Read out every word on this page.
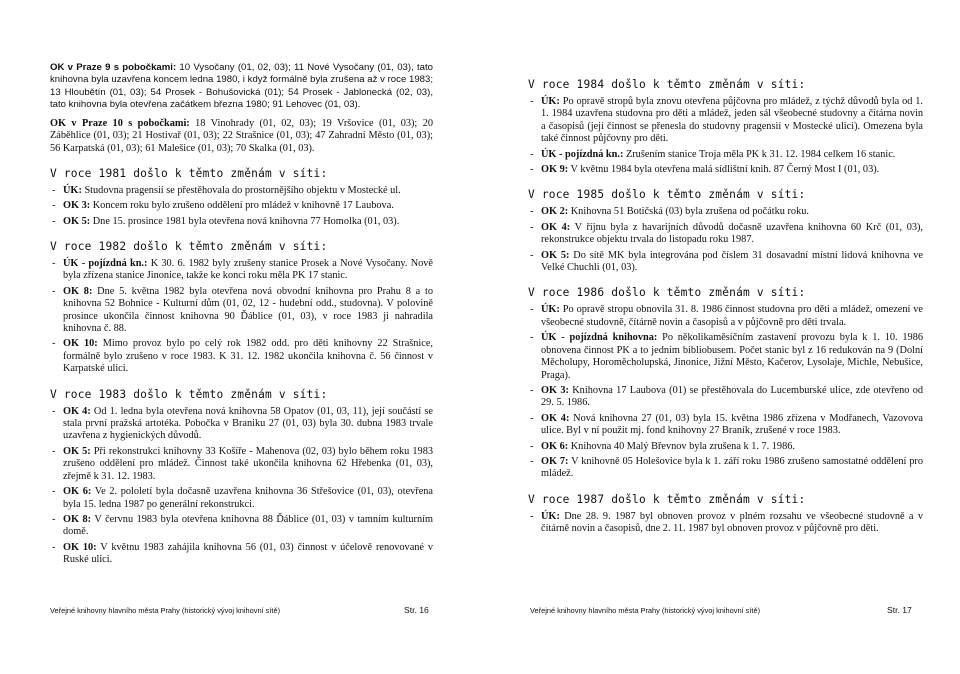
OK v Praze 9 s pobočkami: 10 Vysočany (01, 02, 03); 11 Nové Vysočany (01, 03), tato knihovna byla uzavřena koncem ledna 1980, i když formálně byla zrušena až v roce 1983; 13 Hloubětín (01, 03); 54 Prosek - Bohušovická (01); 54 Prosek - Jablonecká (02, 03), tato knihovna byla otevřena začátkem března 1980; 91 Lehovec (01, 03).

OK v Praze 10 s pobočkami: 18 Vinohrady (01, 02, 03); 19 Vršovice (01, 03); 20 Záběhlice (01, 03); 21 Hostivař (01, 03); 22 Strašnice (01, 03); 47 Zahradní Město (01, 03); 56 Karpatská (01, 03); 61 Malešice (01, 03); 70 Skalka (01, 03).

V roce 1981 došlo k těmto změnám v síti:
- ÚK: Studovna pragensií se přestěhovala do prostornějšího objektu v Mostecké ul.
- OK 3: Koncem roku bylo zrušeno oddělení pro mládež v knihovně 17 Laubova.
- OK 5: Dne 15. prosince 1981 byla otevřena nová knihovna 77 Homolka (01, 03).
V roce 1982 došlo k těmto změnám v síti:
- ÚK - pojízdná kn.: K 30. 6. 1982 byly zrušeny stanice Prosek a Nové Vysočany. Nově byla zřízena stanice Jinonice, takže ke konci roku měla PK 17 stanic.
- OK 8: Dne 5. května 1982 byla otevřena nová obvodní knihovna pro Prahu 8 a to knihovna 52 Bohnice - Kulturní dům (01, 02, 12 - hudební odd., studovna). V polovině prosince ukončila činnost knihovna 90 Ďáblice (01, 03), v roce 1983 ji nahradila knihovna č. 88.
- OK 10: Mimo provoz bylo po celý rok 1982 odd. pro děti knihovny 22 Strašnice, formálně bylo zrušeno v roce 1983. K 31. 12. 1982 ukončila knihovna č. 56 činnost v Karpatské ulici.
V roce 1983 došlo k těmto změnám v síti:
- OK 4: Od 1. ledna byla otevřena nová knihovna 58 Opatov (01, 03, 11), její součástí se stala první pražská artotéka. Pobočka v Braniku 27 (01, 03) byla 30. dubna 1983 trvale uzavřena z hygienických důvodů.
- OK 5: Při rekonstrukci knihovny 33 Košíře - Mahenova (02, 03) bylo během roku 1983 zrušeno oddělení pro mládež. Činnost také ukončila knihovna 62 Hřebenka (01, 03), zřejmě k 31. 12. 1983.
- OK 6: Ve 2. pololetí byla dočasně uzavřena knihovna 36 Střešovice (01, 03), otevřena byla 15. ledna 1987 po generální rekonstrukci.
- OK 8: V červnu 1983 byla otevřena knihovna 88 Ďáblice (01, 03) v tamním kulturním domě.
- OK 10: V květnu 1983 zahájila knihovna 56 (01, 03) činnost v účelově renovované v Ruské ulici.
Veřejné knihovny hlavního města Prahy (historický vývoj knihovní sítě)	Str. 16
V roce 1984 došlo k těmto změnám v síti:
- ÚK: Po opravě stropů byla znovu otevřena půjčovna pro mládež, z týchž důvodů byla od 1. 1. 1984 uzavřena studovna pro děti a mládež, jeden sál všeobecné studovny a čítárna novin a časopisů (její činnost se přenesla do studovny pragensií v Mostecké ulici). Omezena byla také činnost půjčovny pro děti.
- ÚK - pojízdná kn.: Zrušením stanice Troja měla PK k 31. 12. 1984 celkem 16 stanic.
- OK 9: V květnu 1984 byla otevřena malá sídlištní knih. 87 Černý Most I (01, 03).
V roce 1985 došlo k těmto změnám v síti:
- OK 2: Knihovna 51 Botičská (03) byla zrušena od počátku roku.
- OK 4: V říjnu byla z havarijních důvodů dočasně uzavřena knihovna 60 Krč (01, 03), rekonstrukce objektu trvala do listopadu roku 1987.
- OK 5: Do sítě MK byla integrována pod číslem 31 dosavadní místní lidová knihovna ve Velké Chuchli (01, 03).
V roce 1986 došlo k těmto změnám v síti:
- ÚK: Po opravě stropu obnovila 31. 8. 1986 činnost studovna pro děti a mládež, omezení ve všeobecné studovně, čítárně novin a časopisů a v půjčovně pro děti trvala.
- ÚK - pojízdná knihovna: Po několikaměsíčním zastavení provozu byla k 1. 10. 1986 obnovena činnost PK a to jedním bibliobusem. Počet stanic byl z 16 redukován na 9 (Dolní Měcholupy, Horoměcholupská, Jinonice, Jižní Město, Kačerov, Lysolaje, Michle, Nebušice, Praga).
- OK 3: Knihovna 17 Laubova (01) se přestěhovala do Lucemburské ulice, zde otevřeno od 29. 5. 1986.
- OK 4: Nová knihovna 27 (01, 03) byla 15. května 1986 zřízena v Modřanech, Vazovova ulice. Byl v ní použit mj. fond knihovny 27 Braník, zrušené v roce 1983.
- OK 6: Knihovna 40 Malý Břevnov byla zrušena k 1. 7. 1986.
- OK 7: V knihovně 05 Holešovice byla k 1. září roku 1986 zrušeno samostatné oddělení pro mládež.
V roce 1987 došlo k těmto změnám v síti:
- ÚK: Dne 28. 9. 1987 byl obnoven provoz v plném rozsahu ve všeobecné studovně a v čítárně novin a časopisů, dne 2. 11. 1987 byl obnoven provoz v půjčovně pro děti.
Veřejné knihovny hlavního města Prahy (historický vývoj knihovní sítě)	Str. 17
